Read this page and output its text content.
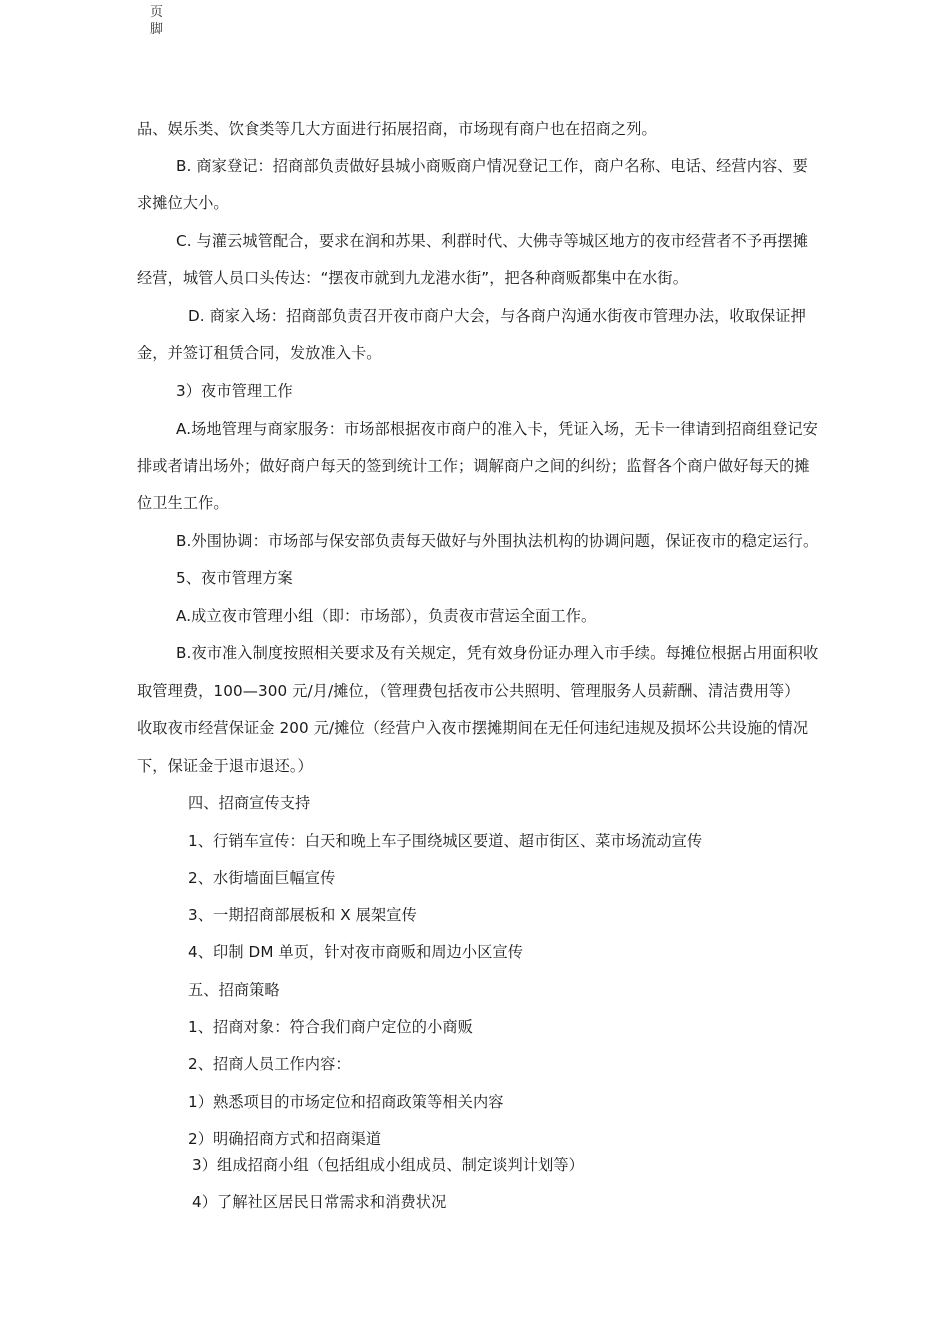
页
脚
品、娱乐类、饮食类等几大方面进行拓展招商，市场现有商户也在招商之列。
B. 商家登记：招商部负责做好县城小商贩商户情况登记工作，商户名称、电话、经营内容、要
求摊位大小。
C. 与灌云城管配合，要求在润和苏果、利群时代、大佛寺等城区地方的夜市经营者不予再摆摊
经营，城管人员口头传达：“摆夜市就到九龙港水街”，把各种商贩都集中在水街。
D. 商家入场：招商部负责召开夜市商户大会，与各商户沟通水街夜市管理办法，收取保证押
金，并签订租赁合同，发放准入卡。
3）夜市管理工作
A.场地管理与商家服务：市场部根据夜市商户的准入卡，凭证入场，无卡一律请到招商组登记安
排或者请出场外；做好商户每天的签到统计工作；调解商户之间的纠纷；监督各个商户做好每天的摊
位卫生工作。
B.外围协调：市场部与保安部负责每天做好与外围执法机构的协调问题，保证夜市的稳定运行。
5、夜市管理方案
A.成立夜市管理小组（即：市场部），负责夜市营运全面工作。
B.夜市准入制度按照相关要求及有关规定，凭有效身份证办理入市手续。每摊位根据占用面积收
取管理费，100—300 元/月/摊位，（管理费包括夜市公共照明、管理服务人员薪酬、清洁费用等）
收取夜市经营保证金 200 元/摊位（经营户入夜市摆摊期间在无任何违纪违规及损坏公共设施的情况
下，保证金于退市退还。）
四、招商宣传支持
1、行销车宣传：白天和晚上车子围绕城区要道、超市街区、菜市场流动宣传
2、水街墙面巨幅宣传
3、一期招商部展板和 X 展架宣传
4、印制 DM 单页，针对夜市商贩和周边小区宣传
五、招商策略
1、招商对象：符合我们商户定位的小商贩
2、招商人员工作内容：
1）熟悉项目的市场定位和招商政策等相关内容
2）明确招商方式和招商渠道
3）组成招商小组（包括组成小组成员、制定谈判计划等）
4）了解社区居民日常需求和消费状况
